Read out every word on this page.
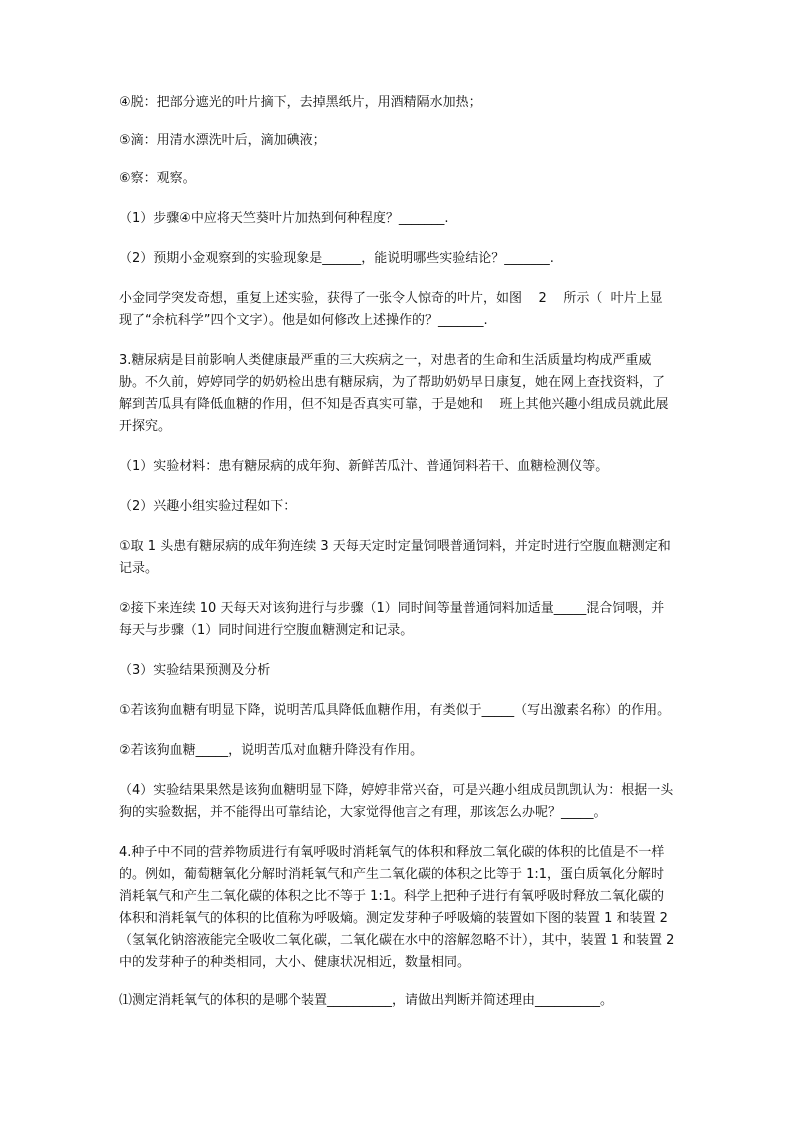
④脱：把部分遮光的叶片摘下，去掉黑纸片，用酒精隔水加热；

⑤滴：用清水漂洗叶后，滴加碘液；

⑥察：观察。

（1）步骤④中应将天竺葵叶片加热到何种程度？_______.

（2）预期小金观察到的实验现象是______，能说明哪些实验结论？_______.

小金同学突发奇想，重复上述实验，获得了一张令人惊奇的叶片，如图    2    所示（  叶片上显现了“余杭科学”四个文字）。他是如何修改上述操作的？_______.

3.糖尿病是目前影响人类健康最严重的三大疾病之一，对患者的生命和生活质量均构成严重威胁。不久前，婷婷同学的奶奶检出患有糖尿病，为了帮助奶奶早日康复，她在网上查找资料，了解到苦瓜具有降低血糖的作用，但不知是否真实可靠，于是她和    班上其他兴趣小组成员就此展开探究。

（1）实验材料：患有糖尿病的成年狗、新鲜苦瓜汁、普通饲料若干、血糖检测仪等。

（2）兴趣小组实验过程如下：

①取 1 头患有糖尿病的成年狗连续 3 天每天定时定量饲喂普通饲料，并定时进行空腹血糖测定和记录。

②接下来连续 10 天每天对该狗进行与步骤（1）同时间等量普通饲料加适量_____混合饲喂，并每天与步骤（1）同时间进行空腹血糖测定和记录。

（3）实验结果预测及分析

①若该狗血糖有明显下降，说明苦瓜具降低血糖作用，有类似于_____（写出激素名称）的作用。

②若该狗血糖_____，说明苦瓜对血糖升降没有作用。

（4）实验结果果然是该狗血糖明显下降，婷婷非常兴奋，可是兴趣小组成员凯凯认为：根据一头狗的实验数据，并不能得出可靠结论，大家觉得他言之有理，那该怎么办呢？_____。

4.种子中不同的营养物质进行有氧呼吸时消耗氧气的体积和释放二氧化碳的体积的比值是不一样的。例如，葡萄糖氧化分解时消耗氧气和产生二氧化碳的体积之比等于 1:1，蛋白质氧化分解时消耗氧气和产生二氧化碳的体积之比不等于 1:1。科学上把种子进行有氧呼吸时释放二氧化碳的体积和消耗氧气的体积的比值称为呼吸熵。测定发芽种子呼吸熵的装置如下图的装置 1 和装置 2（氢氧化钠溶液能完全吸收二氧化碳，二氧化碳在水中的溶解忽略不计），其中，装置 1 和装置 2 中的发芽种子的种类相同，大小、健康状况相近，数量相同。

⑴测定消耗氧气的体积的是哪个装置__________，请做出判断并简述理由__________。
